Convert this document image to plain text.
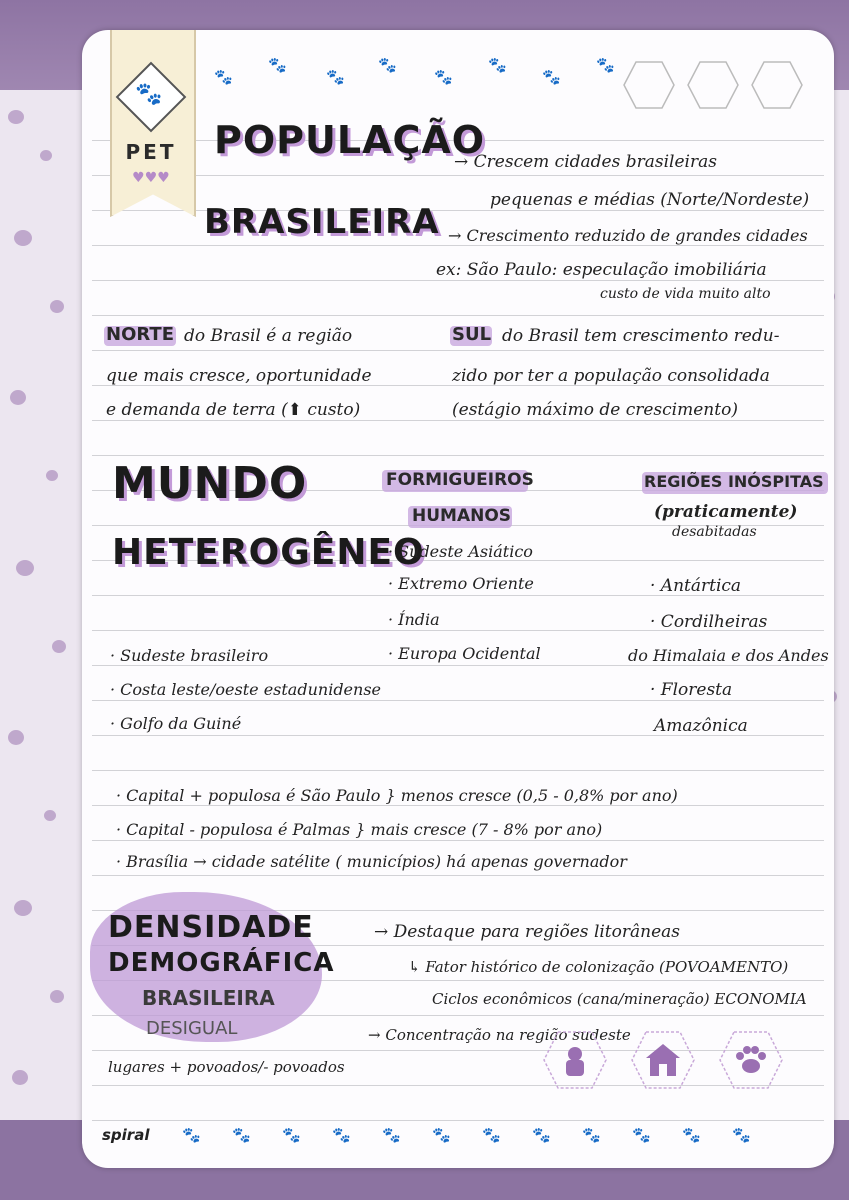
🐾
PET
♥♥♥
🐾
🐾
🐾
🐾
🐾
🐾
🐾
🐾
POPULAÇÃO
BRASILEIRA
→ Crescem cidades brasileiras
pequenas e médias (Norte/Nordeste)
→ Crescimento reduzido de grandes cidades
ex: São Paulo: especulação imobiliária
custo de vida muito alto
NORTE do Brasil é a região
que mais cresce, oportunidade
e demanda de terra (⬆ custo)
SUL do Brasil tem crescimento redu-
zido por ter a população consolidada
(estágio máximo de crescimento)
MUNDO
HETEROGÊNEO
FORMIGUEIROS
HUMANOS
· Sudeste Asiático
· Extremo Oriente
· Índia
· Europa Ocidental
REGIÕES INÓSPITAS
(praticamente)
desabitadas
· Antártica
· Cordilheiras
do Himalaia e dos Andes
· Floresta
Amazônica
· Sudeste brasileiro
· Costa leste/oeste estadunidense
· Golfo da Guiné
· Capital + populosa é São Paulo } menos cresce (0,5 - 0,8% por ano)
· Capital - populosa é Palmas } mais cresce (7 - 8% por ano)
· Brasília → cidade satélite ( municípios) há apenas governador
DENSIDADE
DEMOGRÁFICA
BRASILEIRA
DESIGUAL
lugares + povoados/- povoados
→ Destaque para regiões litorâneas
↳ Fator histórico de colonização (POVOAMENTO)
Ciclos econômicos (cana/mineração) ECONOMIA
→ Concentração na região sudeste
spiral 🐾 🐾 🐾 🐾 🐾 🐾 🐾 🐾 🐾 🐾 🐾 🐾
